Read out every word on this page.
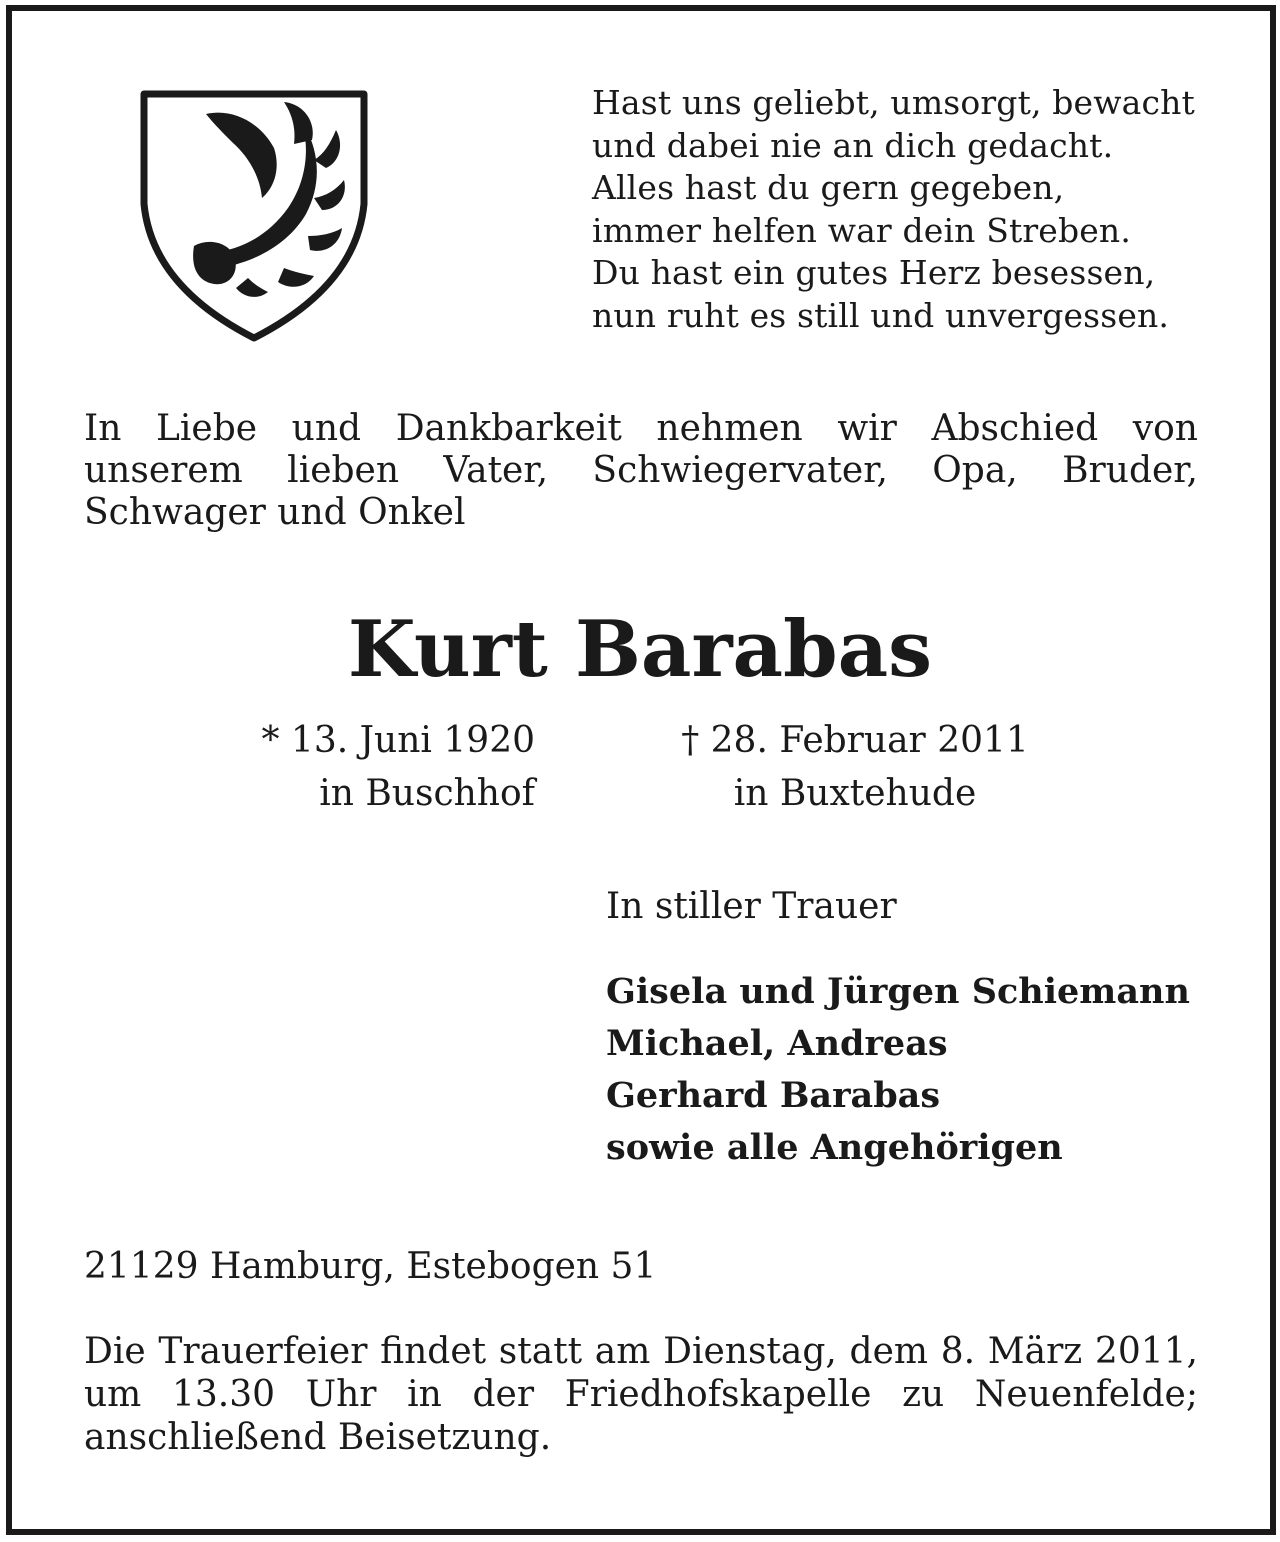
Hast uns geliebt, umsorgt, bewacht
und dabei nie an dich gedacht.
Alles hast du gern gegeben,
immer helfen war dein Streben.
Du hast ein gutes Herz besessen,
nun ruht es still und unvergessen.
In Liebe und Dankbarkeit nehmen wir Abschied von unserem lieben Vater, Schwiegervater, Opa, Bruder, Schwager und Onkel
Kurt Barabas
* 13. Juni 1920
in Buschhof
† 28. Februar 2011
in Buxtehude
In stiller Trauer
Gisela und Jürgen Schiemann
Michael, Andreas
Gerhard Barabas
sowie alle Angehörigen
21129 Hamburg, Estebogen 51
Die Trauerfeier findet statt am Dienstag, dem 8. März 2011, um 13.30 Uhr in der Friedhofskapelle zu Neuenfelde; anschließend Beisetzung.
